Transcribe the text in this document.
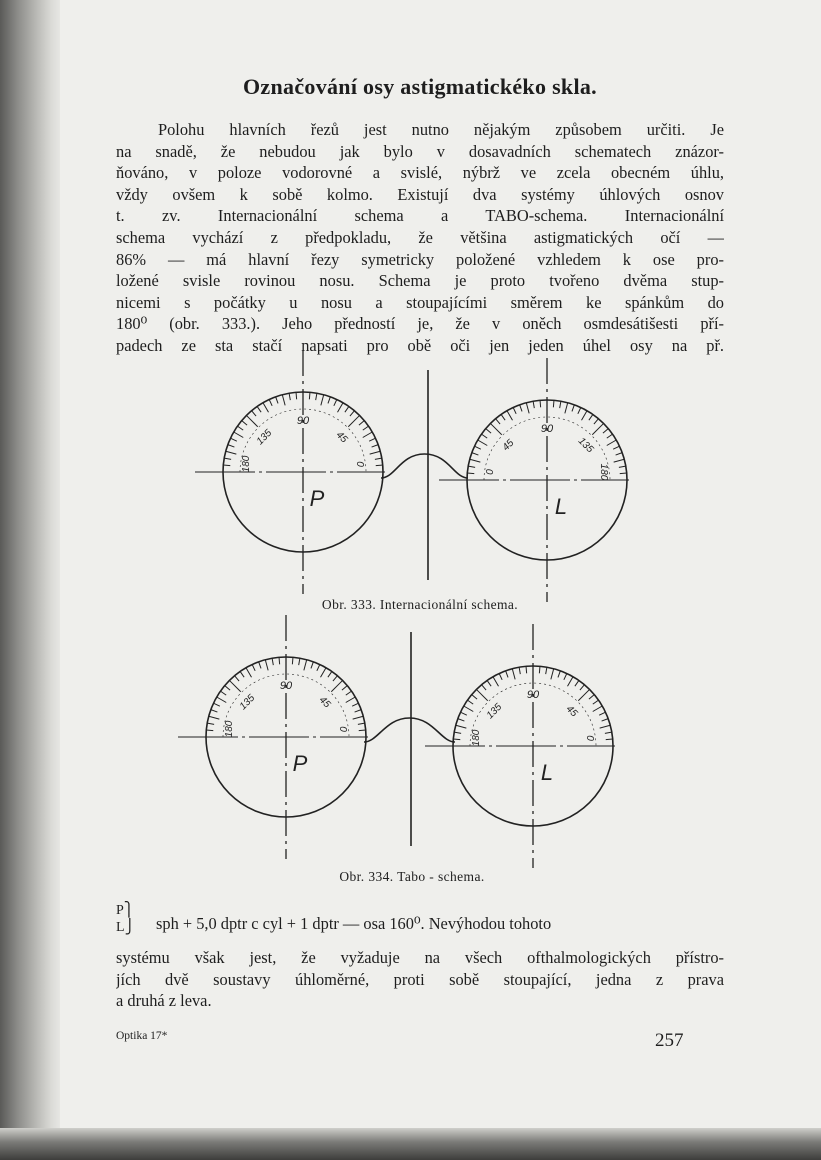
Označování osy astigmatickéko skla.
Polohu hlavních řezů jest nutno nějakým způsobem určiti. Je
na snadě, že nebudou jak bylo v dosavadních schematech znázor-
ňováno, v poloze vodorovné a svislé, nýbrž ve zcela obecném úhlu,
vždy ovšem k sobě kolmo. Existují dva systémy úhlových osnov
t. zv. Internacionální schema a TABO-schema. Internacionální
schema vychází z předpokladu, že většina astigmatických očí —
86% — má hlavní řezy symetricky položené vzhledem k ose pro-
ložené svisle rovinou nosu. Schema je proto tvořeno dvěma stup-
nicemi s počátky u nosu a stoupajícími směrem ke spánkům do
180⁰ (obr. 333.). Jeho předností je, že v oněch osmdesátišesti pří-
padech ze sta stačí napsati pro obě oči jen jeden úhel osy na př.
90
135	45
180	0
P
90
45	135
0	180
L
90
135	45
180	0
P
90
135	45
180	0
L
Obr. 333. Internacionální schema.
Obr. 334. Tabo - schema.
P⎫
L⎭ sph + 5,0 dptr c cyl + 1 dptr — osa 160⁰. Nevýhodou tohoto
systému však jest, že vyžaduje na všech ofthalmologických přístro-
jích dvě soustavy úhloměrné, proti sobě stoupající, jedna z prava
a druhá z leva.
Optika 17*	257
